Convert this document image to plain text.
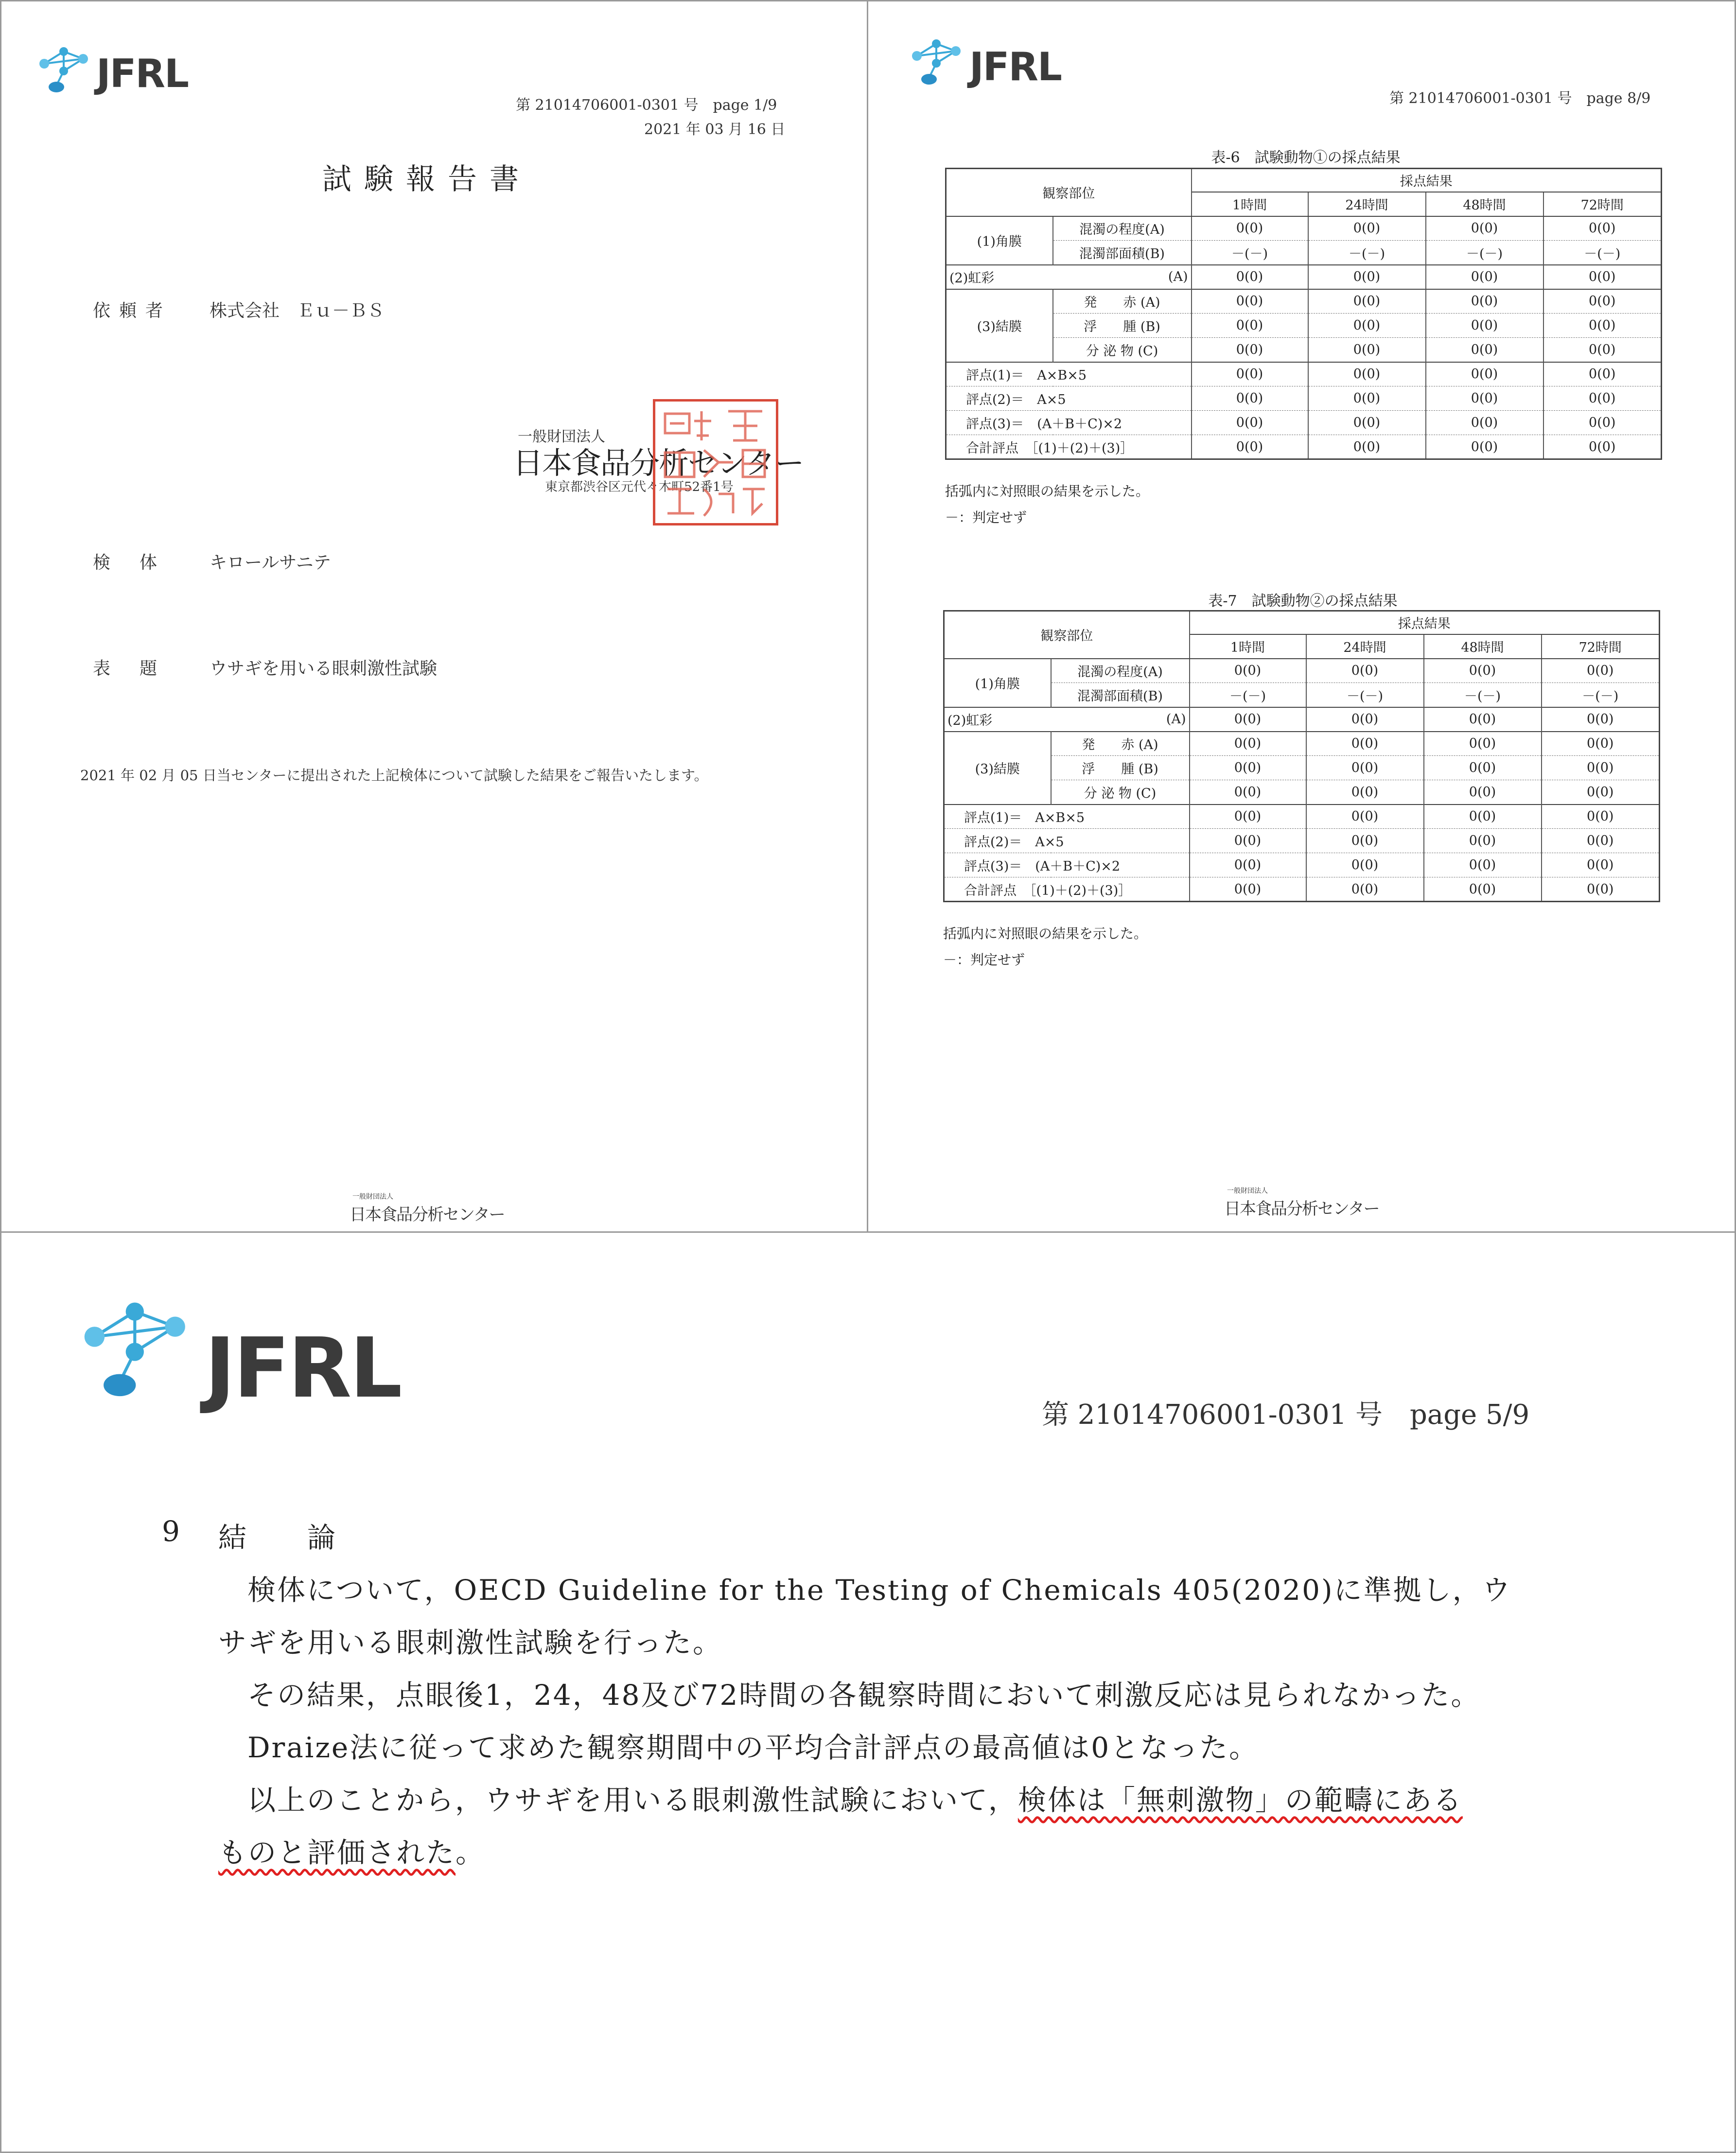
JFRL
第 21014706001-0301 号　page 1/9
2021 年 03 月 16 日
試験報告書
依頼者 株式会社　Ｅｕ－ＢＳ
一般財団法人
日本食品分析センター
東京都渋谷区元代々木町52番1号
検体 キロールサニテ
表題 ウサギを用いる眼刺激性試験
2021 年 02 月 05 日当センターに提出された上記検体について試験した結果をご報告いたします。
一般財団法人
日本食品分析センター
JFRL
第 21014706001-0301 号　page 8/9
表-6　試験動物①の採点結果
観察部位		採点結果			
		1時間	24時間	48時間	72時間
(1)角膜	混濁の程度(A)	0(0)	0(0)	0(0)	0(0)
	混濁部面積(B)	－(－)	－(－)	－(－)	－(－)
(2)虹彩	(A)	0(0)	0(0)	0(0)	0(0)
(3)結膜	発　　赤 (A)	0(0)	0(0)	0(0)	0(0)
	浮　　腫 (B)	0(0)	0(0)	0(0)	0(0)
	分 泌 物 (C)	0(0)	0(0)	0(0)	0(0)
評点(1)＝　A×B×5		0(0)	0(0)	0(0)	0(0)
評点(2)＝　A×5		0(0)	0(0)	0(0)	0(0)
評点(3)＝　(A＋B＋C)×2		0(0)	0(0)	0(0)	0(0)
合計評点　［(1)＋(2)＋(3)］		0(0)	0(0)	0(0)	0(0)
括弧内に対照眼の結果を示した。
－：判定せず
表-7　試験動物②の採点結果
観察部位		採点結果			
		1時間	24時間	48時間	72時間
(1)角膜	混濁の程度(A)	0(0)	0(0)	0(0)	0(0)
	混濁部面積(B)	－(－)	－(－)	－(－)	－(－)
(2)虹彩	(A)	0(0)	0(0)	0(0)	0(0)
(3)結膜	発　　赤 (A)	0(0)	0(0)	0(0)	0(0)
	浮　　腫 (B)	0(0)	0(0)	0(0)	0(0)
	分 泌 物 (C)	0(0)	0(0)	0(0)	0(0)
評点(1)＝　A×B×5		0(0)	0(0)	0(0)	0(0)
評点(2)＝　A×5		0(0)	0(0)	0(0)	0(0)
評点(3)＝　(A＋B＋C)×2		0(0)	0(0)	0(0)	0(0)
合計評点　［(1)＋(2)＋(3)］		0(0)	0(0)	0(0)	0(0)
括弧内に対照眼の結果を示した。
－：判定せず
一般財団法人
日本食品分析センター
JFRL	第 21014706001-0301 号　page 5/9
9 結　　論
検体について，OECD Guideline for the Testing of Chemicals 405(2020)に準拠し，ウ
サギを用いる眼刺激性試験を行った。
その結果，点眼後1，24，48及び72時間の各観察時間において刺激反応は見られなかった。
Draize法に従って求めた観察期間中の平均合計評点の最高値は0となった。
以上のことから，ウサギを用いる眼刺激性試験において，検体は「無刺激物」の範疇にある
ものと評価された。
